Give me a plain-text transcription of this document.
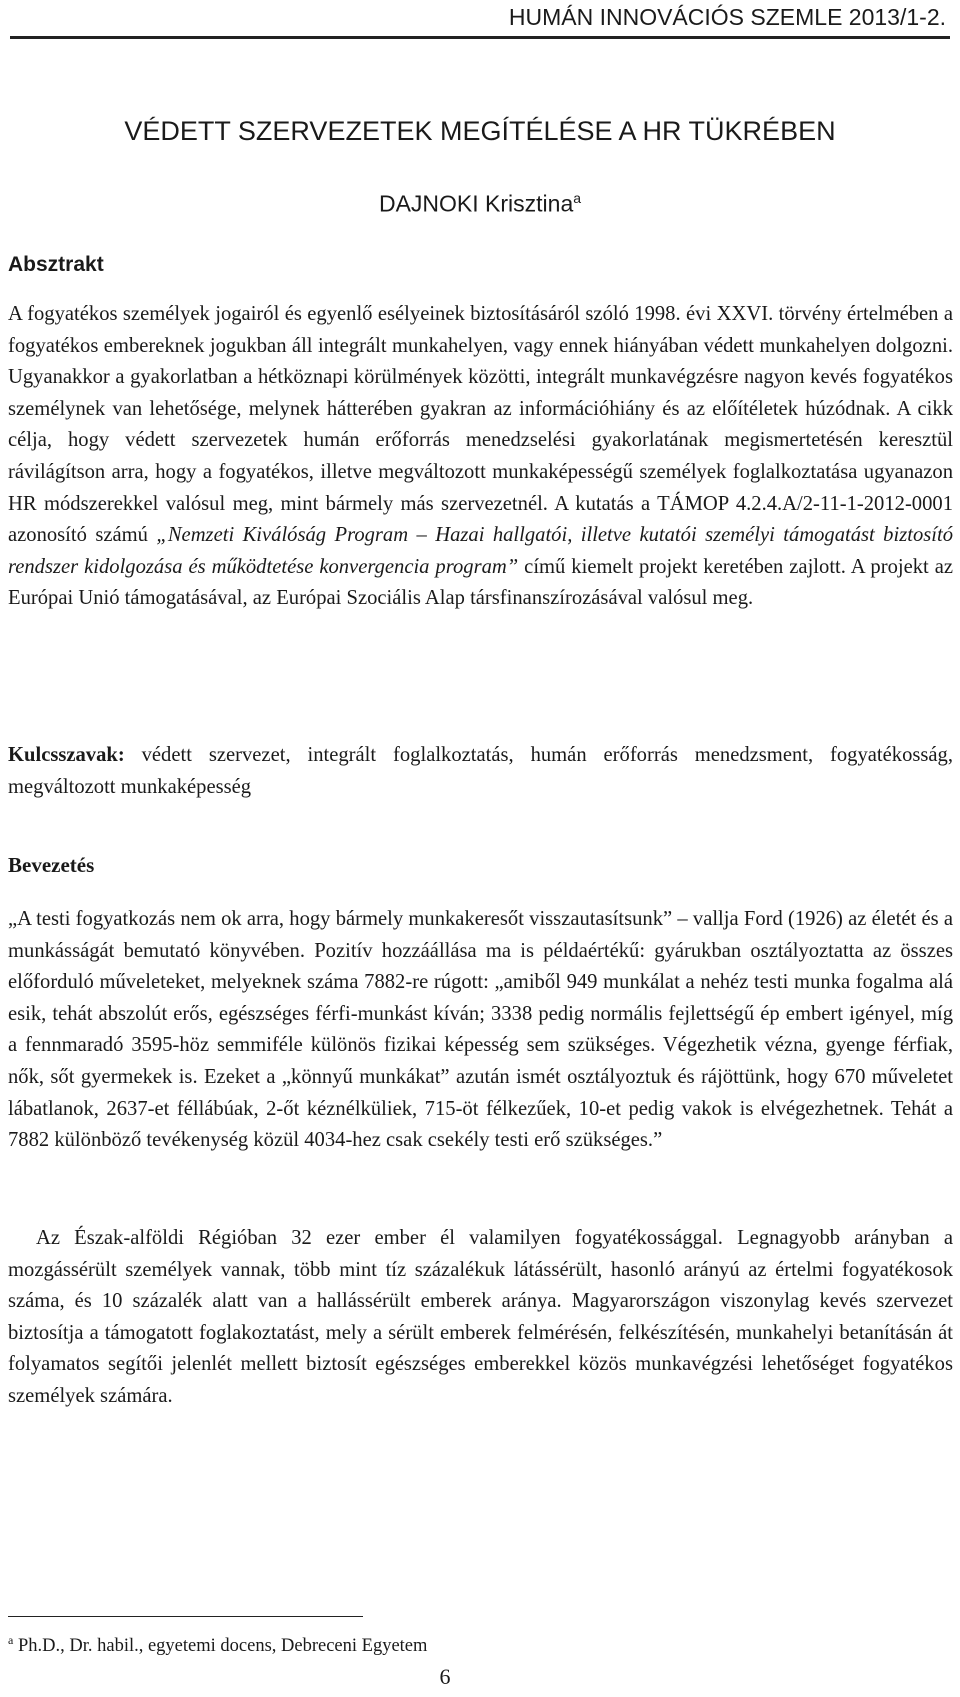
HUMÁN INNOVÁCIÓS SZEMLE 2013/1-2.
VÉDETT SZERVEZETEK MEGÍTÉLÉSE A HR TÜKRÉBEN
DAJNOKI Krisztina$^a$
Absztrakt

A fogyatékos személyek jogairól és egyenlő esélyeinek biztosításáról szóló 1998. évi XXVI. törvény értelmében a fogyatékos embereknek jogukban áll integrált munkahelyen, vagy ennek hiányában védett munkahelyen dolgozni. Ugyanakkor a gyakorlatban a hétköznapi körülmények közötti, integrált munkavégzésre nagyon kevés fogyatékos személynek van lehetősége, melynek hátterében gyakran az információhiány és az előítéletek húzódnak. A cikk célja, hogy védett szervezetek humán erőforrás menedzselési gyakorlatának megismertetésén keresztül rávilágítson arra, hogy a fogyatékos, illetve megváltozott munkaképességű személyek foglalkoztatása ugyanazon HR módszerekkel valósul meg, mint bármely más szervezetnél. A kutatás a TÁMOP 4.2.4.A/2-11-1-2012-0001 azonosító számú „Nemzeti Kiválóság Program – Hazai hallgatói, illetve kutatói személyi támogatást biztosító rendszer kidolgozása és működtetése konvergencia program” című kiemelt projekt keretében zajlott. A projekt az Európai Unió támogatásával, az Európai Szociális Alap társfinanszírozásával valósul meg.

Kulcsszavak: védett szervezet, integrált foglalkoztatás, humán erőforrás menedzsment, fogyatékosság, megváltozott munkaképesség

Bevezetés

„A testi fogyatkozás nem ok arra, hogy bármely munkakeresőt visszautasítsunk” – vallja Ford (1926) az életét és a munkásságát bemutató könyvében. Pozitív hozzáállása ma is példaértékű: gyárukban osztályoztatta az összes előforduló műveleteket, melyeknek száma 7882-re rúgott: „amiből 949 munkálat a nehéz testi munka fogalma alá esik, tehát abszolút erős, egészséges férfi-munkást kíván; 3338 pedig normális fejlettségű ép embert igényel, míg a fennmaradó 3595-höz semmiféle különös fizikai képesség sem szükséges. Végezhetik vézna, gyenge férfiak, nők, sőt gyermekek is. Ezeket a „könnyű munkákat” azután ismét osztályoztuk és rájöttünk, hogy 670 műveletet lábatlanok, 2637-et féllábúak, 2-őt kéznélküliek, 715-öt félkezűek, 10-et pedig vakok is elvégezhetnek. Tehát a 7882 különböző tevékenység közül 4034-hez csak csekély testi erő szükséges.”

Az Észak-alföldi Régióban 32 ezer ember él valamilyen fogyatékossággal. Legnagyobb arányban a mozgássérült személyek vannak, több mint tíz százalékuk látássérült, hasonló arányú az értelmi fogyatékosok száma, és 10 százalék alatt van a hallássérült emberek aránya. Magyarországon viszonylag kevés szervezet biztosítja a támogatott foglakoztatást, mely a sérült emberek felmérésén, felkészítésén, munkahelyi betanításán át folyamatos segítői jelenlét mellett biztosít egészséges emberekkel közös munkavégzési lehetőséget fogyatékos személyek számára.

$^a$ Ph.D., Dr. habil., egyetemi docens, Debreceni Egyetem
6
